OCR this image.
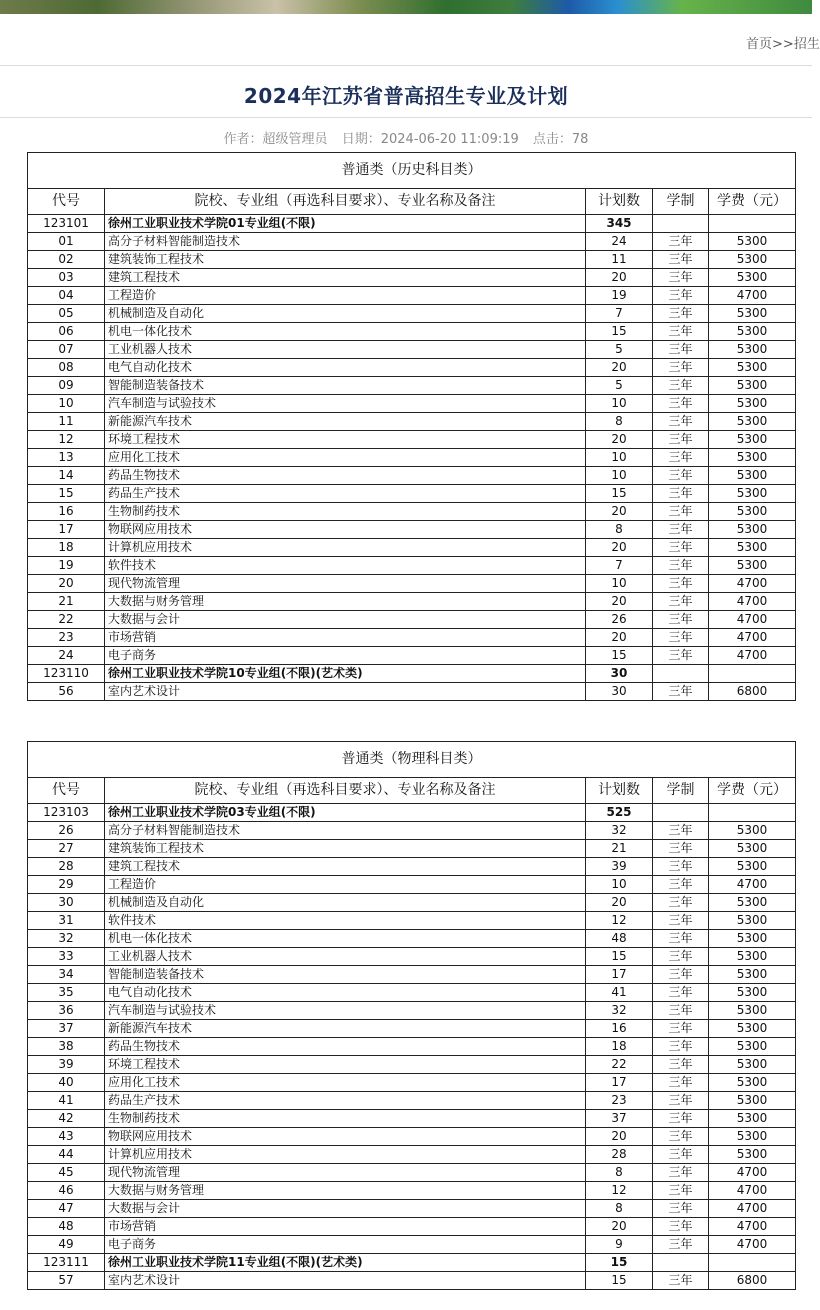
首页>>招生
2024年江苏省普高招生专业及计划
作者：超级管理员 日期：2024-06-20 11:09:19 点击：78
普通类（历史科目类）				
代号	院校、专业组（再选科目要求）、专业名称及备注	计划数	学制	学费（元）
123101	徐州工业职业技术学院01专业组(不限)	345		
01	高分子材料智能制造技术	24	三年	5300
02	建筑装饰工程技术	11	三年	5300
03	建筑工程技术	20	三年	5300
04	工程造价	19	三年	4700
05	机械制造及自动化	7	三年	5300
06	机电一体化技术	15	三年	5300
07	工业机器人技术	5	三年	5300
08	电气自动化技术	20	三年	5300
09	智能制造装备技术	5	三年	5300
10	汽车制造与试验技术	10	三年	5300
11	新能源汽车技术	8	三年	5300
12	环境工程技术	20	三年	5300
13	应用化工技术	10	三年	5300
14	药品生物技术	10	三年	5300
15	药品生产技术	15	三年	5300
16	生物制药技术	20	三年	5300
17	物联网应用技术	8	三年	5300
18	计算机应用技术	20	三年	5300
19	软件技术	7	三年	5300
20	现代物流管理	10	三年	4700
21	大数据与财务管理	20	三年	4700
22	大数据与会计	26	三年	4700
23	市场营销	20	三年	4700
24	电子商务	15	三年	4700
123110	徐州工业职业技术学院10专业组(不限)(艺术类)	30		
56	室内艺术设计	30	三年	6800
普通类（物理科目类）				
代号	院校、专业组（再选科目要求）、专业名称及备注	计划数	学制	学费（元）
123103	徐州工业职业技术学院03专业组(不限)	525		
26	高分子材料智能制造技术	32	三年	5300
27	建筑装饰工程技术	21	三年	5300
28	建筑工程技术	39	三年	5300
29	工程造价	10	三年	4700
30	机械制造及自动化	20	三年	5300
31	软件技术	12	三年	5300
32	机电一体化技术	48	三年	5300
33	工业机器人技术	15	三年	5300
34	智能制造装备技术	17	三年	5300
35	电气自动化技术	41	三年	5300
36	汽车制造与试验技术	32	三年	5300
37	新能源汽车技术	16	三年	5300
38	药品生物技术	18	三年	5300
39	环境工程技术	22	三年	5300
40	应用化工技术	17	三年	5300
41	药品生产技术	23	三年	5300
42	生物制药技术	37	三年	5300
43	物联网应用技术	20	三年	5300
44	计算机应用技术	28	三年	5300
45	现代物流管理	8	三年	4700
46	大数据与财务管理	12	三年	4700
47	大数据与会计	8	三年	4700
48	市场营销	20	三年	4700
49	电子商务	9	三年	4700
123111	徐州工业职业技术学院11专业组(不限)(艺术类)	15		
57	室内艺术设计	15	三年	6800
